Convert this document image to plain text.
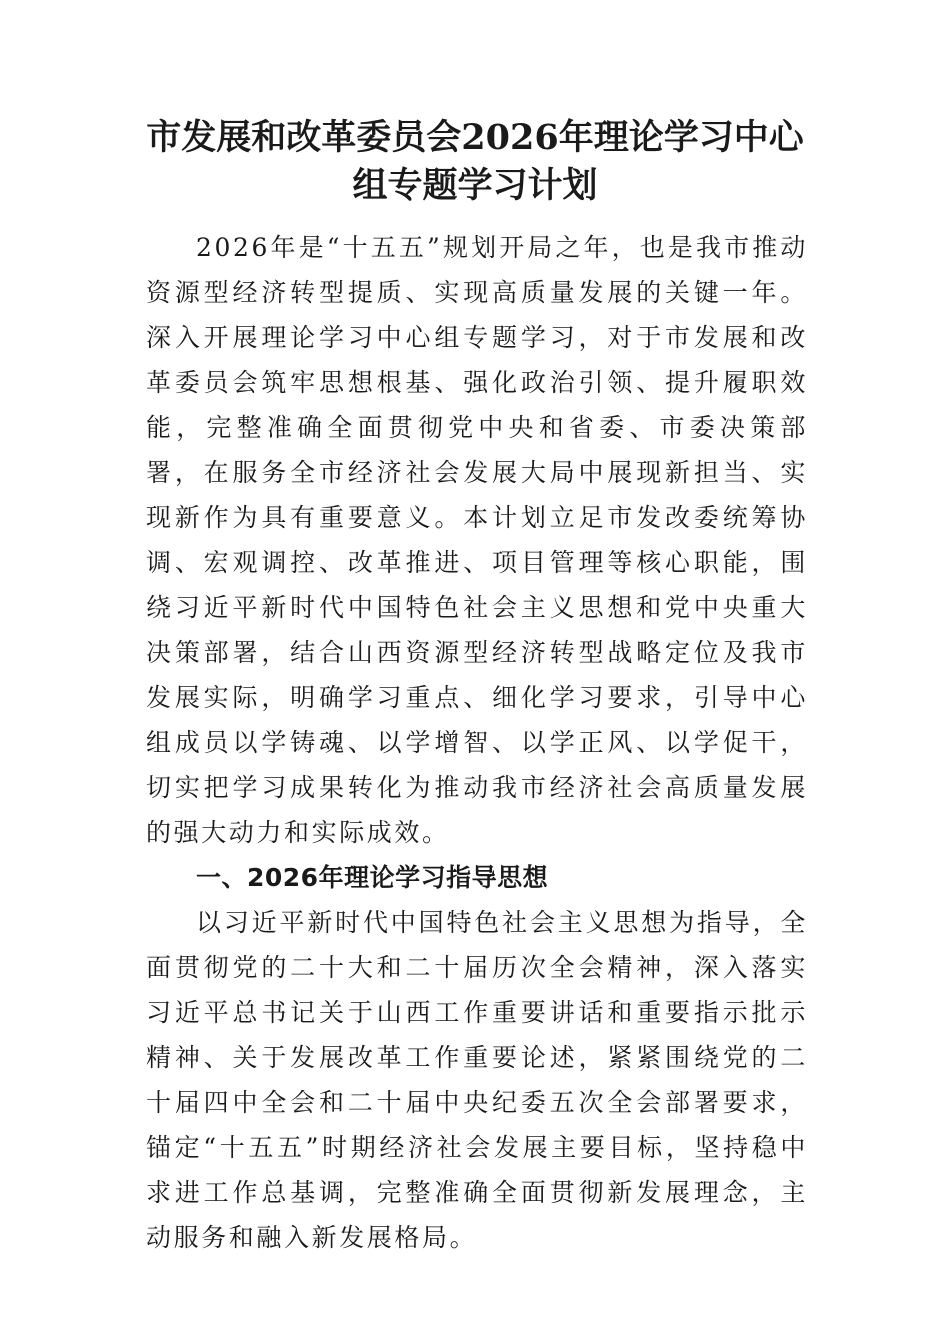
市发展和改革委员会2026年理论学习中心
组专题学习计划

2026年是“十五五”规划开局之年，也是我市推动资源型经济转型提质、实现高质量发展的关键一年。深入开展理论学习中心组专题学习，对于市发展和改革委员会筑牢思想根基、强化政治引领、提升履职效能，完整准确全面贯彻党中央和省委、市委决策部署，在服务全市经济社会发展大局中展现新担当、实现新作为具有重要意义。本计划立足市发改委统筹协调、宏观调控、改革推进、项目管理等核心职能，围绕习近平新时代中国特色社会主义思想和党中央重大决策部署，结合山西资源型经济转型战略定位及我市发展实际，明确学习重点、细化学习要求，引导中心组成员以学铸魂、以学增智、以学正风、以学促干，切实把学习成果转化为推动我市经济社会高质量发展的强大动力和实际成效。

一、2026年理论学习指导思想

以习近平新时代中国特色社会主义思想为指导，全面贯彻党的二十大和二十届历次全会精神，深入落实习近平总书记关于山西工作重要讲话和重要指示批示精神、关于发展改革工作重要论述，紧紧围绕党的二十届四中全会和二十届中央纪委五次全会部署要求，锚定“十五五”时期经济社会发展主要目标，坚持稳中求进工作总基调，完整准确全面贯彻新发展理念，主动服务和融入新发展格局。
